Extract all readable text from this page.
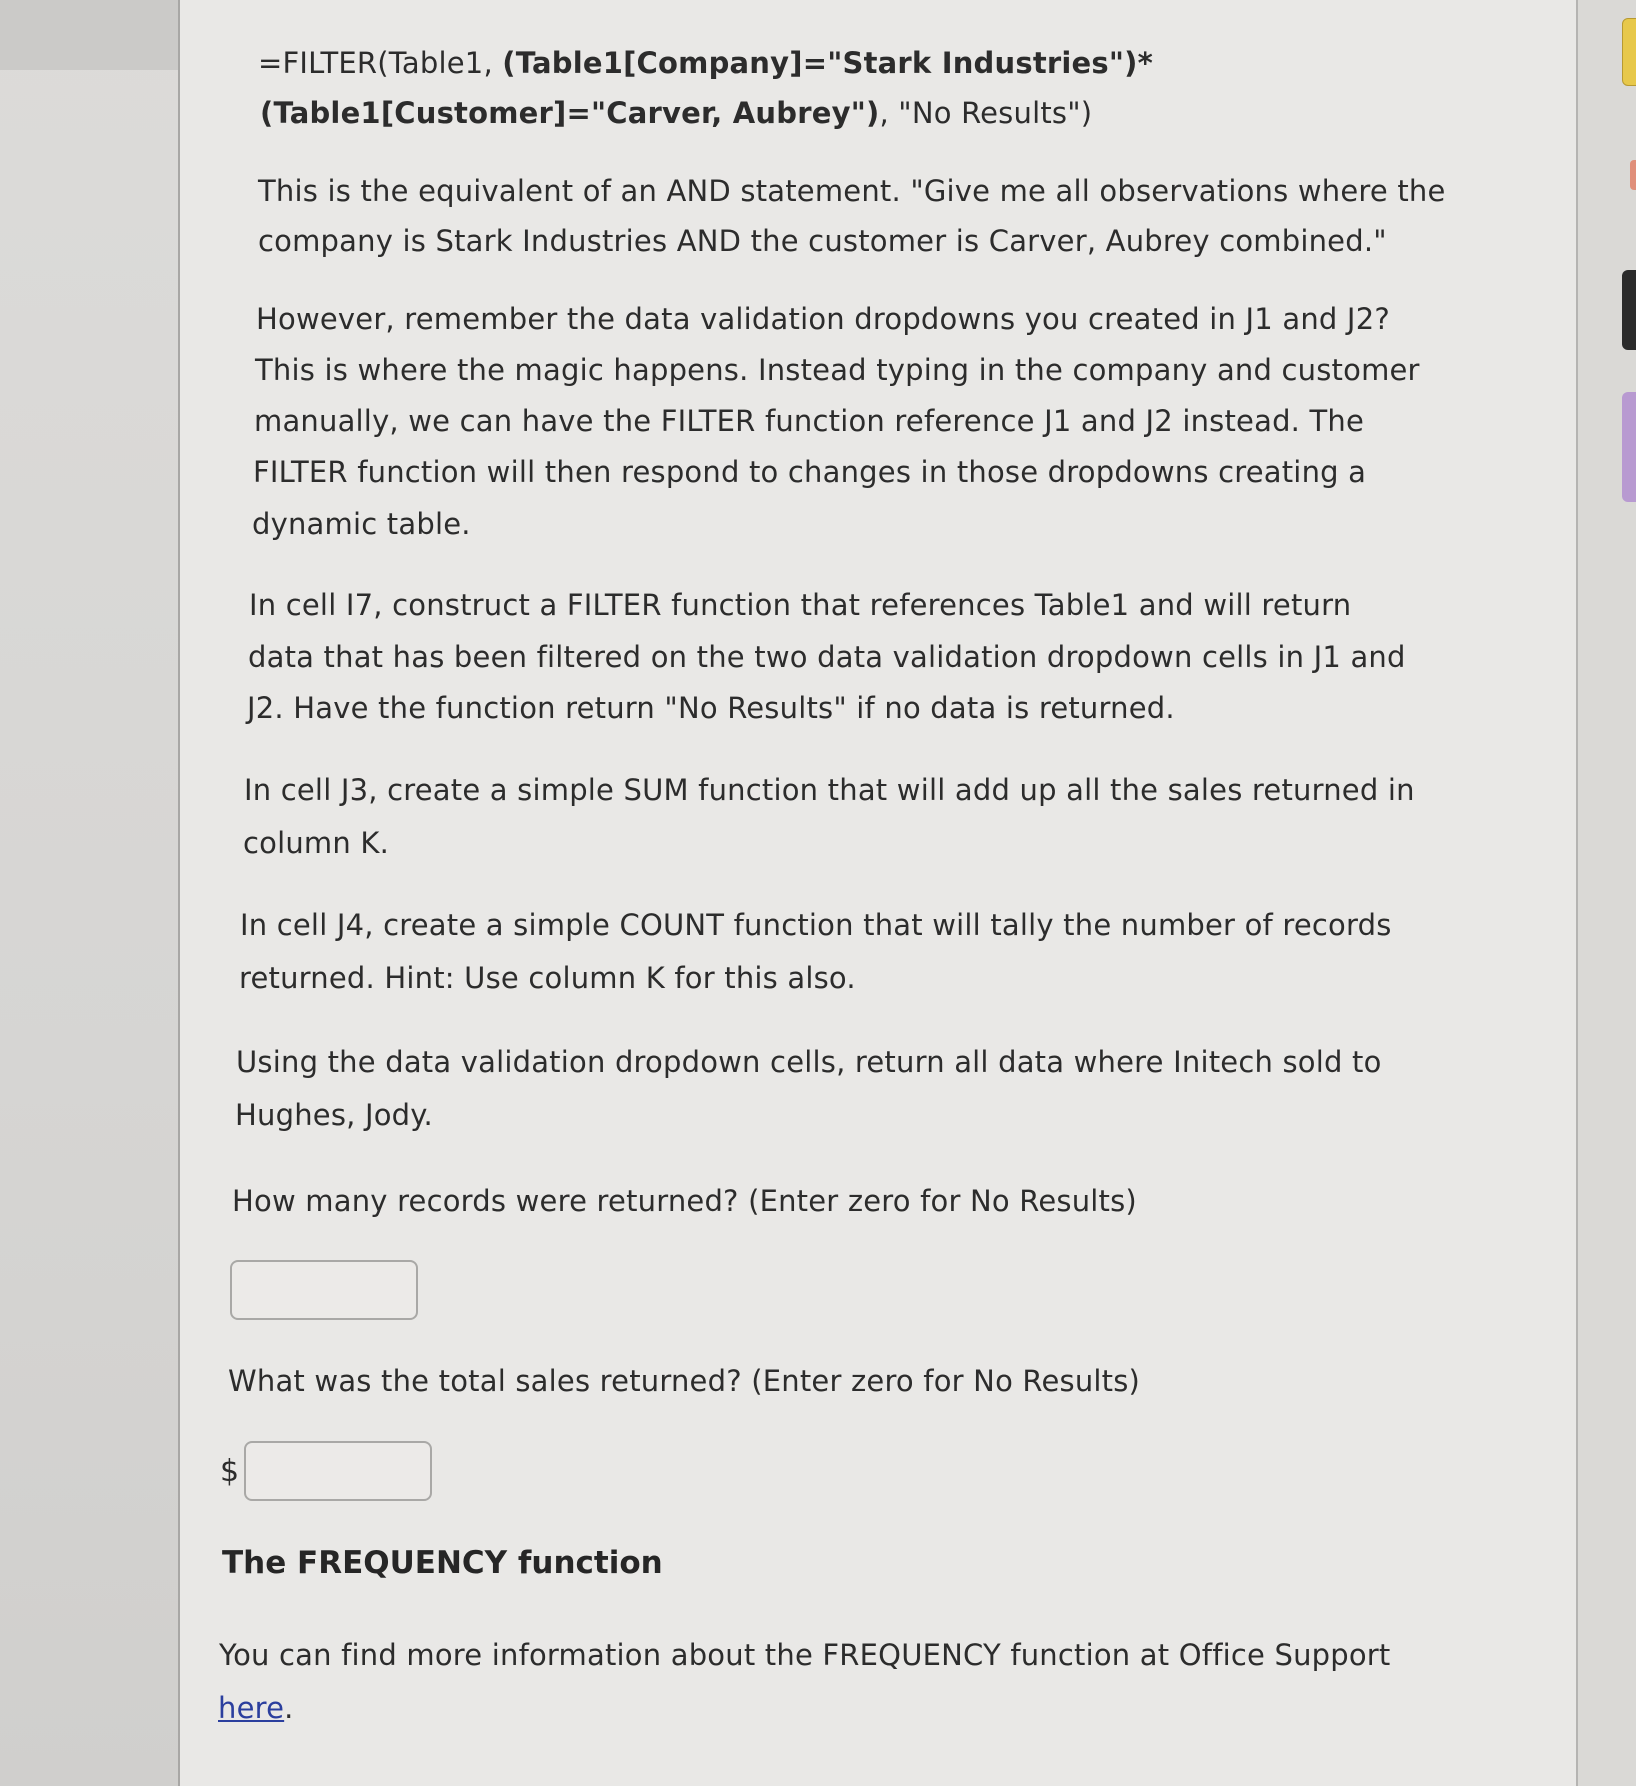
=FILTER(Table1, (Table1[Company]="Stark Industries")*

(Table1[Customer]="Carver, Aubrey"), "No Results")

This is the equivalent of an AND statement. "Give me all observations where the

company is Stark Industries AND the customer is Carver, Aubrey combined."

However, remember the data validation dropdowns you created in J1 and J2?

This is where the magic happens. Instead typing in the company and customer

manually, we can have the FILTER function reference J1 and J2 instead. The

FILTER function will then respond to changes in those dropdowns creating a

dynamic table.

In cell I7, construct a FILTER function that references Table1 and will return

data that has been filtered on the two data validation dropdown cells in J1 and

J2. Have the function return "No Results" if no data is returned.

In cell J3, create a simple SUM function that will add up all the sales returned in

column K.

In cell J4, create a simple COUNT function that will tally the number of records

returned. Hint: Use column K for this also.

Using the data validation dropdown cells, return all data where Initech sold to

Hughes, Jody.

How many records were returned? (Enter zero for No Results)

What was the total sales returned? (Enter zero for No Results)

$
The FREQUENCY function

You can find more information about the FREQUENCY function at Office Support

here.
